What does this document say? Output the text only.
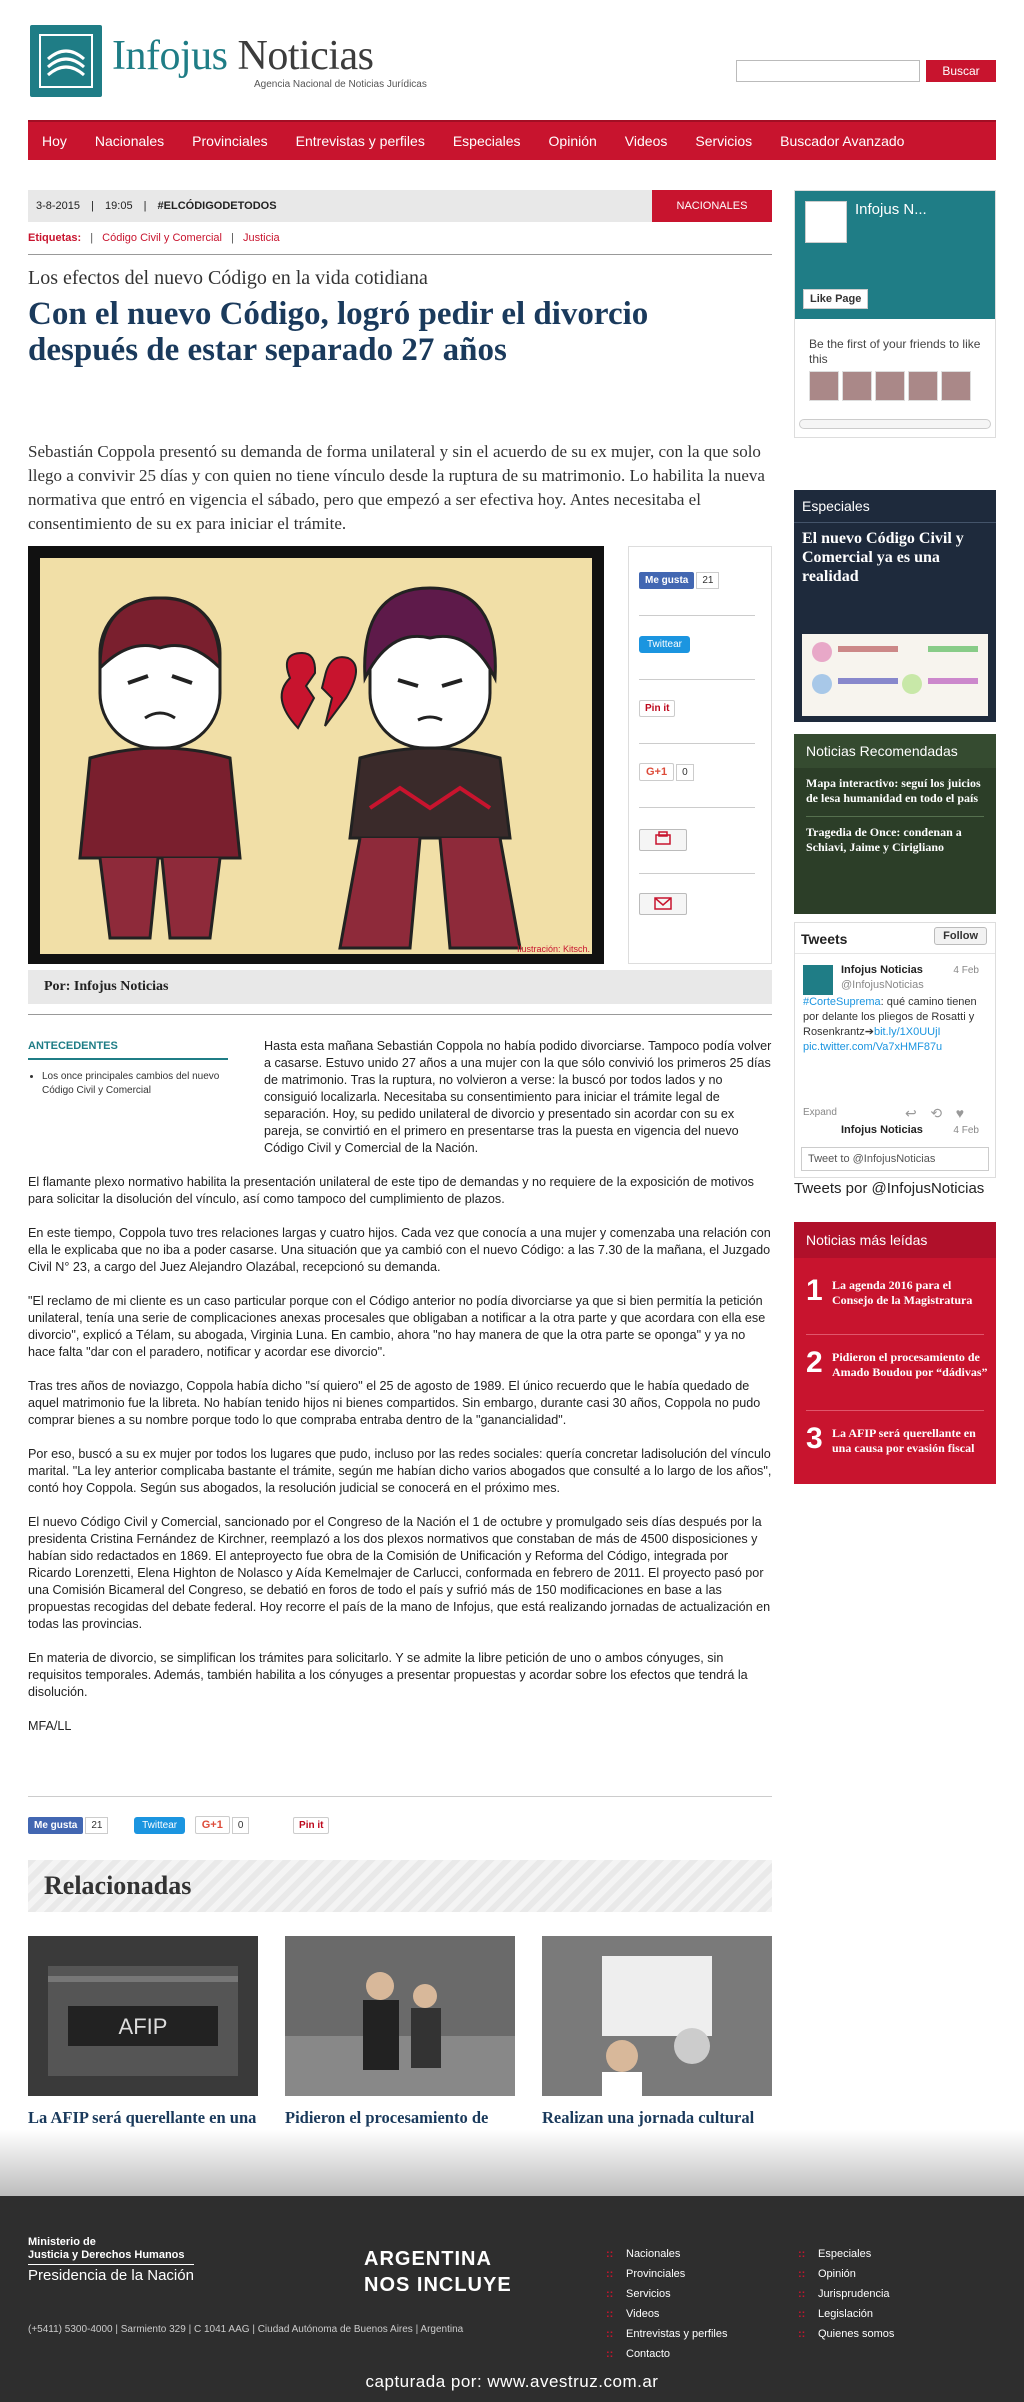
Infojus Noticias
Agencia Nacional de Noticias Jurídicas
Buscar
Hoy	Nacionales	Provinciales	Entrevistas y perfiles	Especiales	Opinión	Videos	Servicios	Buscador Avanzado
3-8-2015 | 19:05 | #ELCÓDIGODETODOS	NACIONALES
Etiquetas: | Código Civil y Comercial | Justicia
Los efectos del nuevo Código en la vida cotidiana
Con el nuevo Código, logró pedir el divorcio después de estar separado 27 años

Sebastián Coppola presentó su demanda de forma unilateral y sin el acuerdo de su ex mujer, con la que solo llego a convivir 25 días y con quien no tiene vínculo desde la ruptura de su matrimonio. Lo habilita la nueva normativa que entró en vigencia el sábado, pero que empezó a ser efectiva hoy. Antes necesitaba el consentimiento de su ex para iniciar el trámite.

Ilustración: Kitsch.
Me gusta 21
Twittear
Pin it
G+1 0
Por: Infojus Noticias

Hasta esta mañana Sebastián Coppola no había podido divorciarse. Tampoco podía volver a casarse. Estuvo unido 27 años a una mujer con la que sólo convivió los primeros 25 días de matrimonio. Tras la ruptura, no volvieron a verse: la buscó por todos lados y no consiguió localizarla. Necesitaba su consentimiento para iniciar el trámite legal de separación. Hoy, su pedido unilateral de divorcio y presentado sin acordar con su ex pareja, se convirtió en el primero en presentarse tras la puesta en vigencia del nuevo Código Civil y Comercial de la Nación.

El flamante plexo normativo habilita la presentación unilateral de este tipo de demandas y no requiere de la exposición de motivos para solicitar la disolución del vínculo, así como tampoco del cumplimiento de plazos.

En este tiempo, Coppola tuvo tres relaciones largas y cuatro hijos. Cada vez que conocía a una mujer y comenzaba una relación con ella le explicaba que no iba a poder casarse. Una situación que ya cambió con el nuevo Código: a las 7.30 de la mañana, el Juzgado Civil N° 23, a cargo del Juez Alejandro Olazábal, recepcionó su demanda.

"El reclamo de mi cliente es un caso particular porque con el Código anterior no podía divorciarse ya que si bien permitía la petición unilateral, tenía una serie de complicaciones anexas procesales que obligaban a notificar a la otra parte y que acordara con ella ese divorcio", explicó a Télam, su abogada, Virginia Luna. En cambio, ahora "no hay manera de que la otra parte se oponga" y ya no hace falta "dar con el paradero, notificar y acordar ese divorcio".

Tras tres años de noviazgo, Coppola había dicho "sí quiero" el 25 de agosto de 1989. El único recuerdo que le había quedado de aquel matrimonio fue la libreta. No habían tenido hijos ni bienes compartidos. Sin embargo, durante casi 30 años, Coppola no pudo comprar bienes a su nombre porque todo lo que compraba entraba dentro de la "ganancialidad".

Por eso, buscó a su ex mujer por todos los lugares que pudo, incluso por las redes sociales: quería concretar ladisolución del vínculo marital. "La ley anterior complicaba bastante el trámite, según me habían dicho varios abogados que consulté a lo largo de los años", contó hoy Coppola. Según sus abogados, la resolución judicial se conocerá en el próximo mes.

El nuevo Código Civil y Comercial, sancionado por el Congreso de la Nación el 1 de octubre y promulgado seis días después por la presidenta Cristina Fernández de Kirchner, reemplazó a los dos plexos normativos que constaban de más de 4500 disposiciones y habían sido redactados en 1869. El anteproyecto fue obra de la Comisión de Unificación y Reforma del Código, integrada por Ricardo Lorenzetti, Elena Highton de Nolasco y Aída Kemelmajer de Carlucci, conformada en febrero de 2011. El proyecto pasó por una Comisión Bicameral del Congreso, se debatió en foros de todo el país y sufrió más de 150 modificaciones en base a las propuestas recogidas del debate federal. Hoy recorre el país de la mano de Infojus, que está realizando jornadas de actualización en todas las provincias.

En materia de divorcio, se simplifican los trámites para solicitarlo. Y se admite la libre petición de uno o ambos cónyuges, sin requisitos temporales. Además, también habilita a los cónyuges a presentar propuestas y acordar sobre los efectos que tendrá la disolución.

MFA/LL

ANTECEDENTES
• Los once principales cambios del nuevo Código Civil y Comercial
Me gusta 21	Twittear G+1 0	Pin it
Relacionadas
AFIP
La AFIP será querellante en una Pidieron el procesamiento de	Realizan una jornada cultural
Infojus N...
Like Page
Be the first of your friends to like this
Especiales
El nuevo Código Civil y Comercial ya es una realidad
Noticias Recomendadas
Mapa interactivo: seguí los juicios de lesa humanidad en todo el país
Tragedia de Once: condenan a Schiavi, Jaime y Cirigliano
Tweets	Follow
Infojus Noticias	4 Feb
@InfojusNoticias
#CorteSuprema: qué camino tienen por delante los pliegos de Rosatti y Rosenkrantz➔bit.ly/1X0UUjI
pic.twitter.com/Va7xHMF87u
Expand	↩ ⟲ ♥
Infojus Noticias	4 Feb
Tweet to @InfojusNoticias
Tweets por @InfojusNoticias
Noticias más leídas
1 La agenda 2016 para el Consejo de la Magistratura
2 Pidieron el procesamiento de Amado Boudou por “dádivas”
3 La AFIP será querellante en una causa por evasión fiscal
Ministerio de
Justicia y Derechos Humanos
Presidencia de la Nación
ARGENTINA
NOS INCLUYE
(+5411) 5300-4000 | Sarmiento 329 | C 1041 AAG | Ciudad Autónoma de Buenos Aires | Argentina
:: Nacionales
:: Provinciales
:: Servicios
:: Videos
:: Entrevistas y perfiles
:: Contacto
:: Especiales
:: Opinión
:: Jurisprudencia
:: Legislación
:: Quienes somos
capturada por: www.avestruz.com.ar
